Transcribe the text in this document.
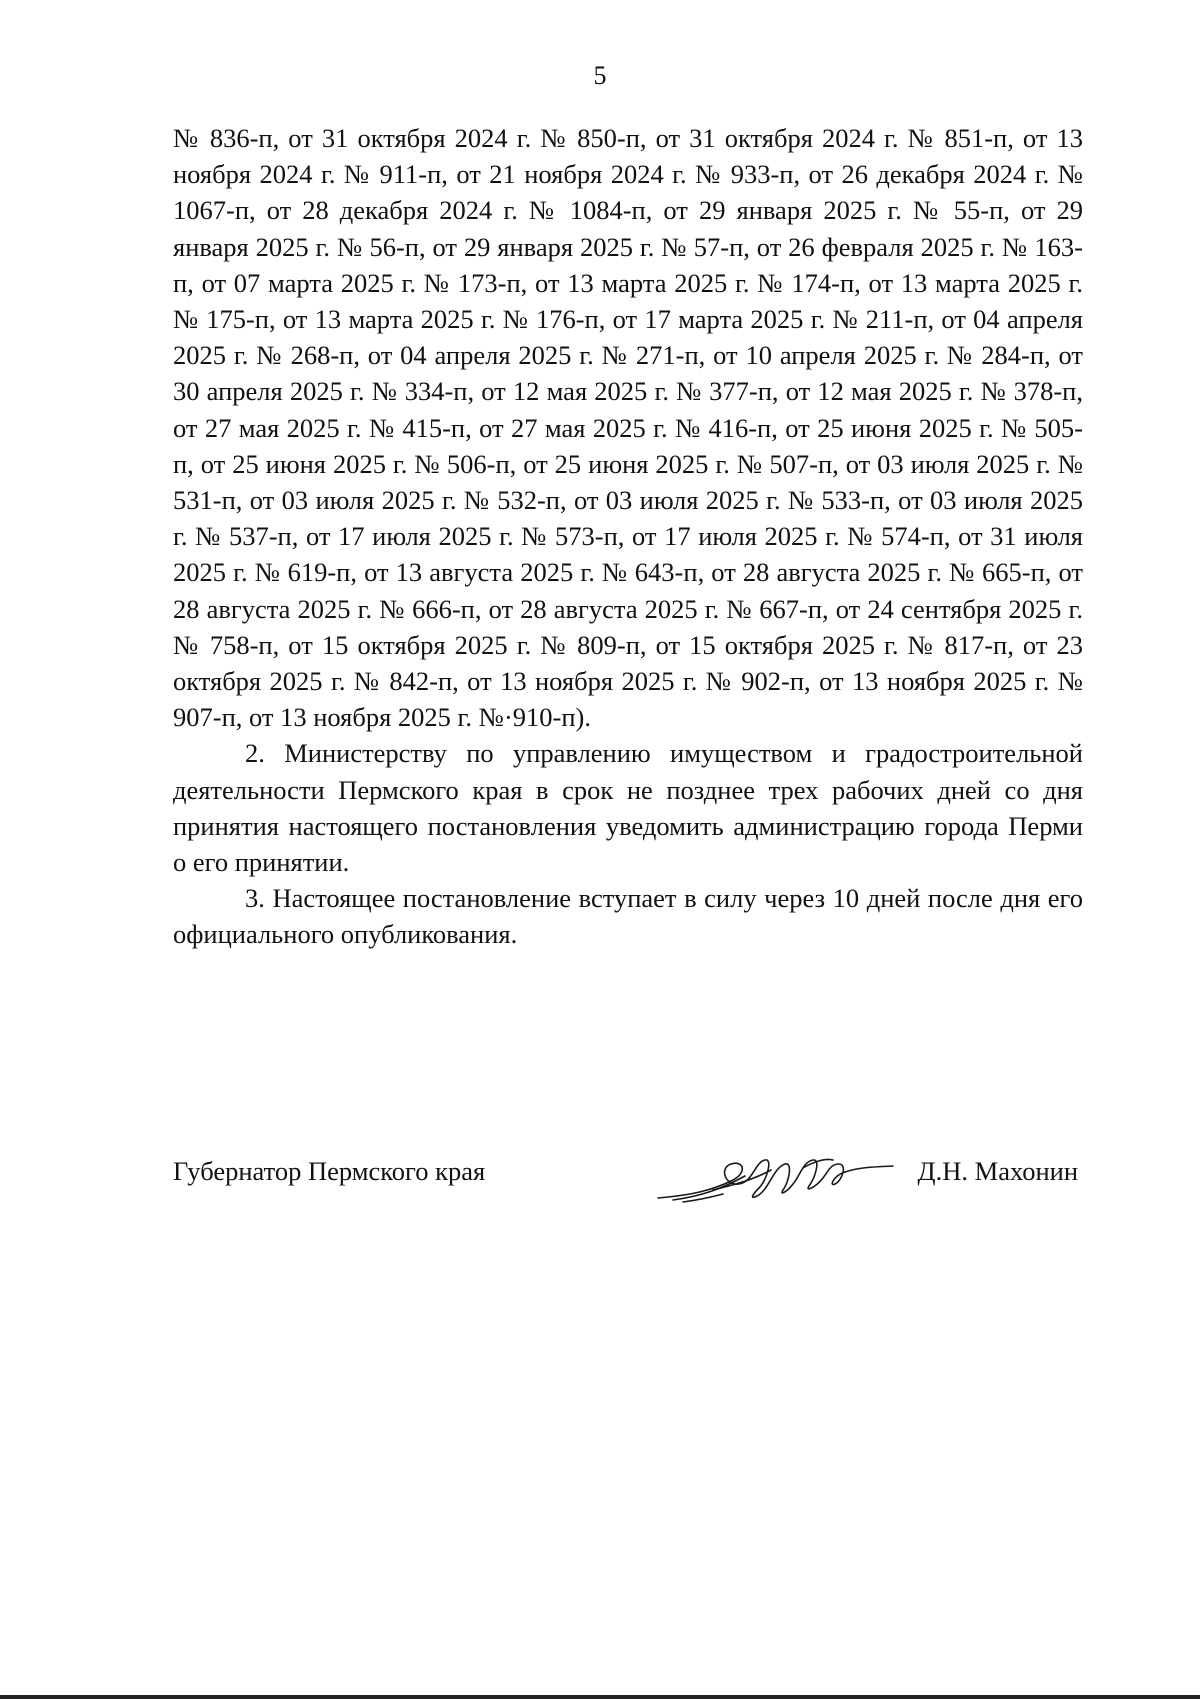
5

№ 836-п, от 31 октября 2024 г. № 850-п, от 31 октября 2024 г. № 851-п, от 13 ноября 2024 г. № 911-п, от 21 ноября 2024 г. № 933-п, от 26 декабря 2024 г. № 1067-п, от 28 декабря 2024 г. № 1084-п, от 29 января 2025 г. № 55-п, от 29 января 2025 г. № 56-п, от 29 января 2025 г. № 57-п, от 26 февраля 2025 г. № 163-п, от 07 марта 2025 г. № 173-п, от 13 марта 2025 г. № 174-п, от 13 марта 2025 г. № 175-п, от 13 марта 2025 г. № 176-п, от 17 марта 2025 г. № 211-п, от 04 апреля 2025 г. № 268-п, от 04 апреля 2025 г. № 271-п, от 10 апреля 2025 г. № 284-п, от 30 апреля 2025 г. № 334-п, от 12 мая 2025 г. № 377-п, от 12 мая 2025 г. № 378-п, от 27 мая 2025 г. № 415-п, от 27 мая 2025 г. № 416-п, от 25 июня 2025 г. № 505-п, от 25 июня 2025 г. № 506-п, от 25 июня 2025 г. № 507-п, от 03 июля 2025 г. № 531-п, от 03 июля 2025 г. № 532-п, от 03 июля 2025 г. № 533-п, от 03 июля 2025 г. № 537-п, от 17 июля 2025 г. № 573-п, от 17 июля 2025 г. № 574-п, от 31 июля 2025 г. № 619-п, от 13 августа 2025 г. № 643-п, от 28 августа 2025 г. № 665-п, от 28 августа 2025 г. № 666-п, от 28 августа 2025 г. № 667-п, от 24 сентября 2025 г. № 758-п, от 15 октября 2025 г. № 809-п, от 15 октября 2025 г. № 817-п, от 23 октября 2025 г. № 842-п, от 13 ноября 2025 г. № 902-п, от 13 ноября 2025 г. № 907-п, от 13 ноября 2025 г. №·910-п).

2. Министерству по управлению имуществом и градостроительной деятельности Пермского края в срок не позднее трех рабочих дней со дня принятия настоящего постановления уведомить администрацию города Перми о его принятии.

3. Настоящее постановление вступает в силу через 10 дней после дня его официального опубликования.

Губернатор Пермского края	Д.Н. Махонин
